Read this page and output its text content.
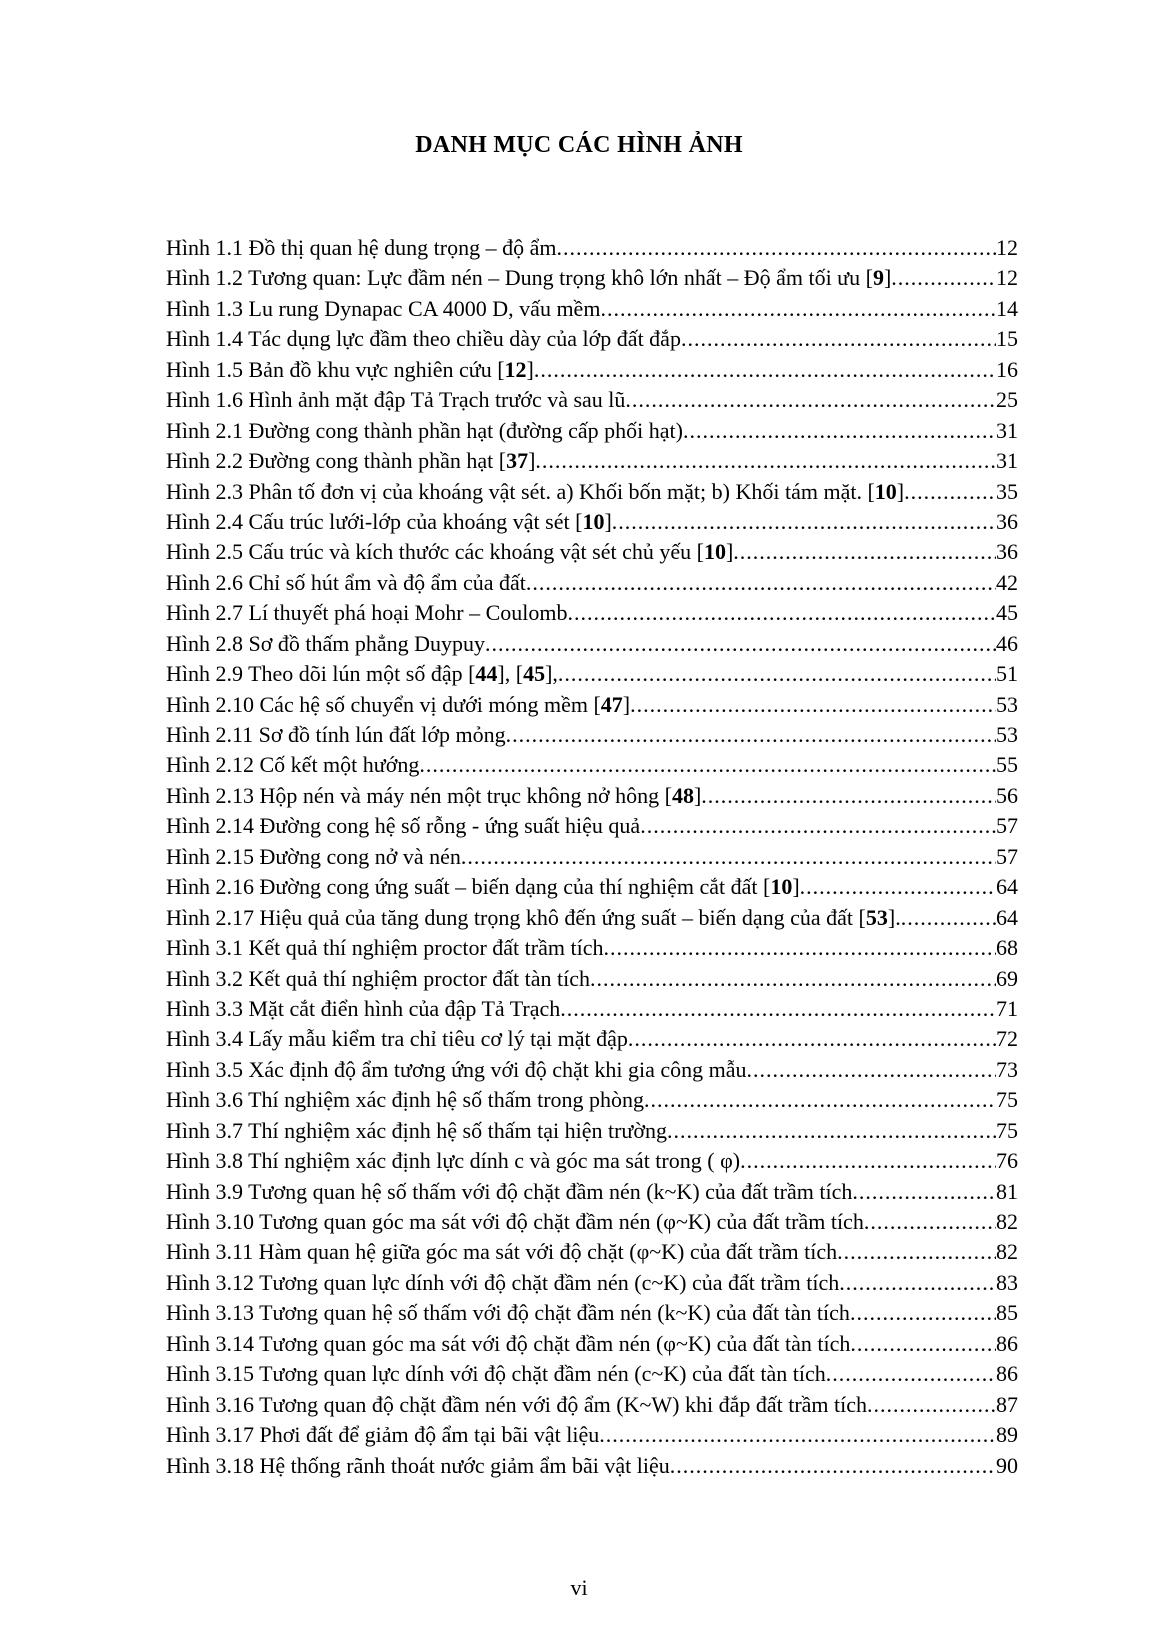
DANH MỤC CÁC HÌNH ẢNH
Hình 1.1 Đồ thị quan hệ dung trọng – độ ẩm .....	12
Hình 1.2 Tương quan: Lực đầm nén – Dung trọng khô lớn nhất – Độ ẩm tối ưu [9] .....	12
Hình 1.3 Lu rung Dynapac CA 4000 D, vấu mềm .....	14
Hình 1.4 Tác dụng lực đầm theo chiều dày của lớp đất đắp .....	15
Hình 1.5 Bản đồ khu vực nghiên cứu [12] .....	16
Hình 1.6 Hình ảnh mặt đập Tả Trạch trước và sau lũ .....	25
Hình 2.1 Đường cong thành phần hạt (đường cấp phối hạt) .....	31
Hình 2.2 Đường cong thành phần hạt [37] .....	31
Hình 2.3 Phân tố đơn vị của khoáng vật sét. a) Khối bốn mặt; b) Khối tám mặt. [10] .....	35
Hình 2.4 Cấu trúc lưới-lớp của khoáng vật sét [10] .....	36
Hình 2.5 Cấu trúc và kích thước các khoáng vật sét chủ yếu [10] .....	36
Hình 2.6 Chỉ số hút ẩm và độ ẩm của đất .....	42
Hình 2.7 Lí thuyết phá hoại Mohr – Coulomb .....	45
Hình 2.8 Sơ đồ thấm phẳng Duypuy .....	46
Hình 2.9 Theo dõi lún một số đập [44], [45], .....	51
Hình 2.10 Các hệ số chuyển vị dưới móng mềm [47] .....	53
Hình 2.11 Sơ đồ tính lún đất lớp mỏng .....	53
Hình 2.12 Cố kết một hướng .....	55
Hình 2.13 Hộp nén và máy nén một trục không nở hông [48] .....	56
Hình 2.14 Đường cong hệ số rỗng - ứng suất hiệu quả .....	57
Hình 2.15 Đường cong nở và nén .....	57
Hình 2.16 Đường cong ứng suất – biến dạng của thí nghiệm cắt đất [10] .....	64
Hình 2.17 Hiệu quả của tăng dung trọng khô đến ứng suất – biến dạng của đất [53]. .....	64
Hình 3.1 Kết quả thí nghiệm proctor đất trầm tích .....	68
Hình 3.2 Kết quả thí nghiệm proctor đất tàn tích .....	69
Hình 3.3 Mặt cắt điển hình của đập Tả Trạch .....	71
Hình 3.4 Lấy mẫu kiểm tra chỉ tiêu cơ lý tại mặt đập .....	72
Hình 3.5 Xác định độ ẩm tương ứng với độ chặt khi gia công mẫu .....	73
Hình 3.6 Thí nghiệm xác định hệ số thấm trong phòng .....	75
Hình 3.7 Thí nghiệm xác định hệ số thấm tại hiện trường .....	75
Hình 3.8 Thí nghiệm xác định lực dính c và góc ma sát trong ( φ) .....	76
Hình 3.9 Tương quan hệ số thấm với độ chặt đầm nén (k~K) của đất trầm tích .....	81
Hình 3.10 Tương quan góc ma sát với độ chặt đầm nén (φ~K) của đất trầm tích .....	82
Hình 3.11 Hàm quan hệ giữa góc ma sát với độ chặt (φ~K) của đất trầm tích .....	82
Hình 3.12 Tương quan lực dính với độ chặt đầm nén (c~K) của đất trầm tích .....	83
Hình 3.13 Tương quan hệ số thấm với độ chặt đầm nén (k~K) của đất tàn tích .....	85
Hình 3.14 Tương quan góc ma sát với độ chặt đầm nén (φ~K) của đất tàn tích .....	86
Hình 3.15 Tương quan lực dính với độ chặt đầm nén (c~K) của đất tàn tích .....	86
Hình 3.16 Tương quan độ chặt đầm nén với độ ẩm (K~W) khi đắp đất trầm tích .....	87
Hình 3.17 Phơi đất để giảm độ ẩm tại bãi vật liệu .....	89
Hình 3.18 Hệ thống rãnh thoát nước giảm ẩm bãi vật liệu .....	90
vi
